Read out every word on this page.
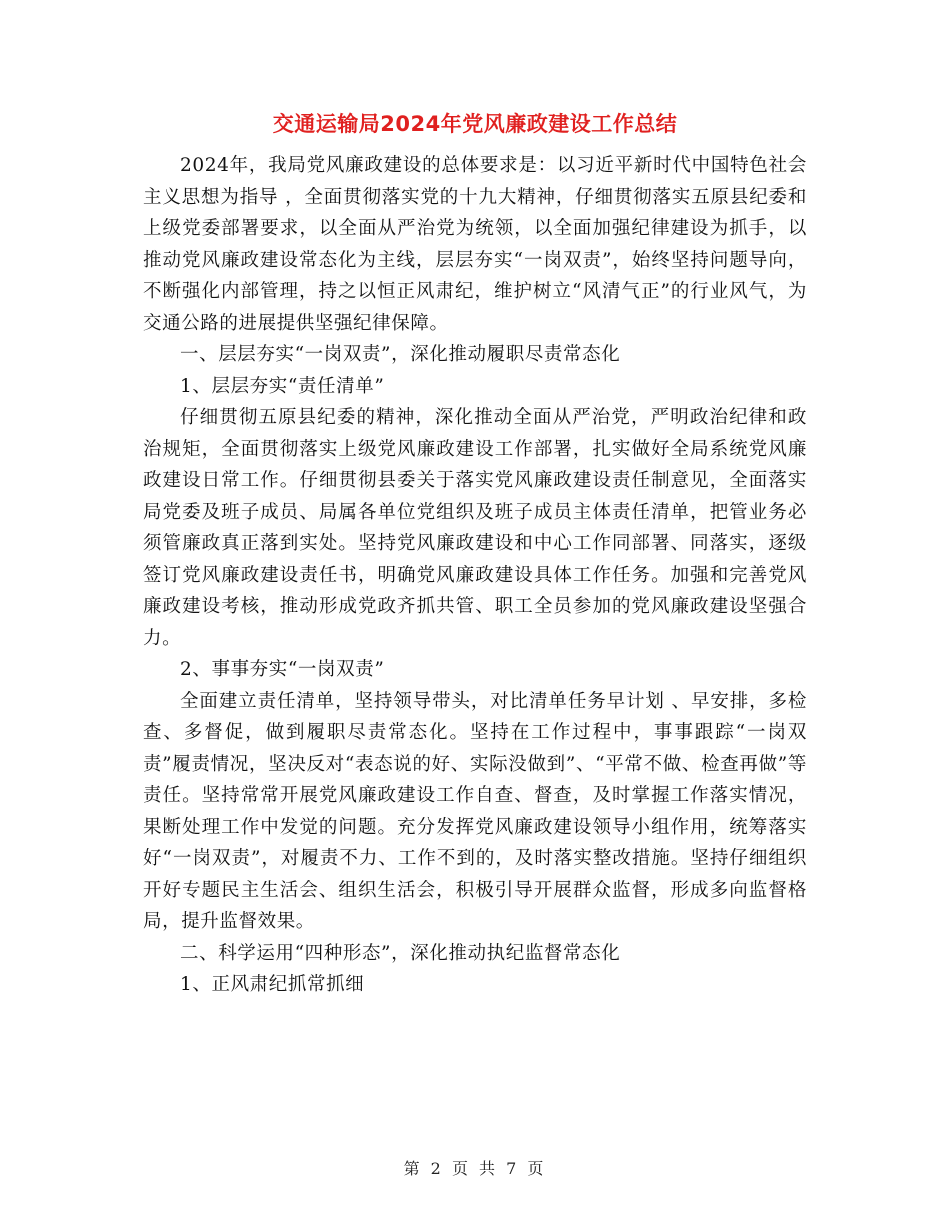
交通运输局2024年党风廉政建设工作总结

2024年，我局党风廉政建设的总体要求是：以习近平新时代中国特色社会主义思想为指导 ，全面贯彻落实党的十九大精神，仔细贯彻落实五原县纪委和上级党委部署要求，以全面从严治党为统领，以全面加强纪律建设为抓手，以推动党风廉政建设常态化为主线，层层夯实“一岗双责”，始终坚持问题导向，不断强化内部管理，持之以恒正风肃纪，维护树立“风清气正”的行业风气，为交通公路的进展提供坚强纪律保障。

一、层层夯实“一岗双责”，深化推动履职尽责常态化

1、层层夯实“责任清单”

仔细贯彻五原县纪委的精神，深化推动全面从严治党，严明政治纪律和政治规矩，全面贯彻落实上级党风廉政建设工作部署，扎实做好全局系统党风廉政建设日常工作。仔细贯彻县委关于落实党风廉政建设责任制意见，全面落实局党委及班子成员、局属各单位党组织及班子成员主体责任清单，把管业务必须管廉政真正落到实处。坚持党风廉政建设和中心工作同部署、同落实，逐级签订党风廉政建设责任书，明确党风廉政建设具体工作任务。加强和完善党风廉政建设考核，推动形成党政齐抓共管、职工全员参加的党风廉政建设坚强合力。

2、事事夯实“一岗双责”

全面建立责任清单，坚持领导带头，对比清单任务早计划 、早安排，多检查、多督促，做到履职尽责常态化。坚持在工作过程中，事事跟踪“一岗双责”履责情况，坚决反对“表态说的好、实际没做到”、“平常不做、检查再做”等责任。坚持常常开展党风廉政建设工作自查、督查，及时掌握工作落实情况，果断处理工作中发觉的问题。充分发挥党风廉政建设领导小组作用，统筹落实好“一岗双责”，对履责不力、工作不到的，及时落实整改措施。坚持仔细组织开好专题民主生活会、组织生活会，积极引导开展群众监督，形成多向监督格局，提升监督效果。

二、科学运用“四种形态”，深化推动执纪监督常态化

1、正风肃纪抓常抓细

第 2 页 共 7 页
